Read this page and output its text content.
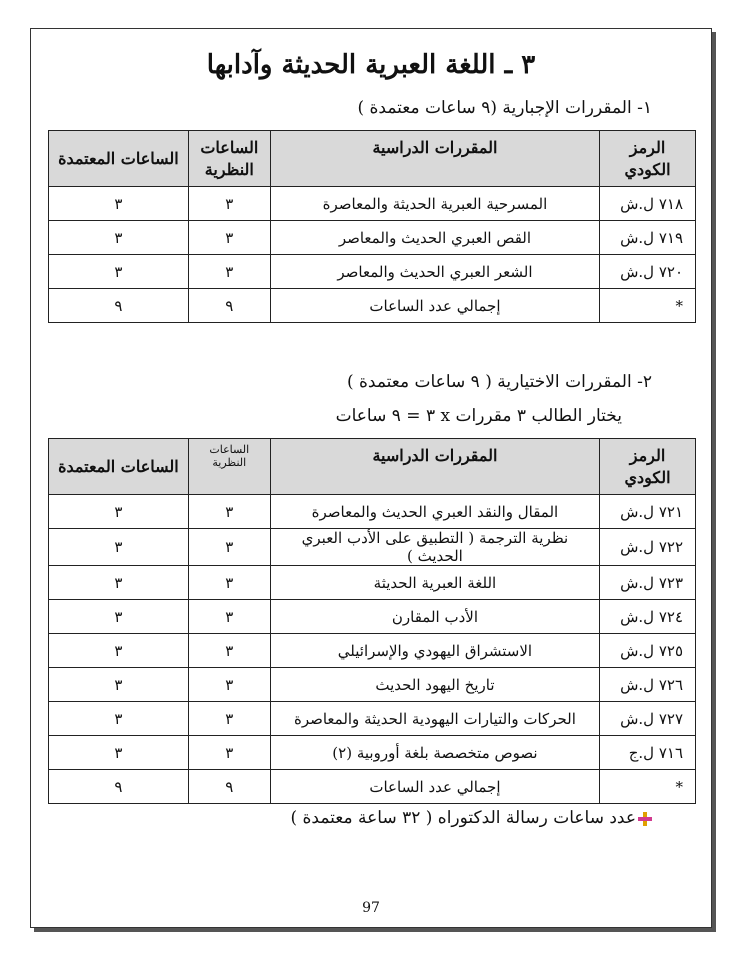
٣ ـ اللغة العبرية الحديثة وآدابها
١- المقررات الإجبارية (٩ ساعات معتمدة )
الرمز الكودي	المقررات الدراسية	الساعات النظرية	الساعات المعتمدة
٧١٨ ل.ش	المسرحية العبرية الحديثة والمعاصرة	٣	٣
٧١٩ ل.ش	القص العبري الحديث والمعاصر	٣	٣
٧٢٠ ل.ش	الشعر العبري الحديث والمعاصر	٣	٣
*	إجمالي عدد الساعات	٩	٩
٢- المقررات الاختيارية ( ٩ ساعات معتمدة )
يختار الطالب ٣ مقررات x ٣ = ٩ ساعات
الرمز الكودي	المقررات الدراسية	الساعات النظرية	الساعات المعتمدة
٧٢١ ل.ش	المقال والنقد العبري الحديث والمعاصرة	٣	٣
٧٢٢ ل.ش	نظرية الترجمة ( التطبيق على الأدب العبري الحديث )	٣	٣
٧٢٣ ل.ش	اللغة العبرية الحديثة	٣	٣
٧٢٤ ل.ش	الأدب المقارن	٣	٣
٧٢٥ ل.ش	الاستشراق اليهودي والإسرائيلي	٣	٣
٧٢٦ ل.ش	تاريخ اليهود الحديث	٣	٣
٧٢٧ ل.ش	الحركات والتيارات اليهودية الحديثة والمعاصرة	٣	٣
٧١٦ ل.ج	نصوص متخصصة بلغة أوروبية (٢)	٣	٣
*	إجمالي عدد الساعات	٩	٩
عدد ساعات رسالة الدكتوراه ( ٣٢ ساعة معتمدة )
97
